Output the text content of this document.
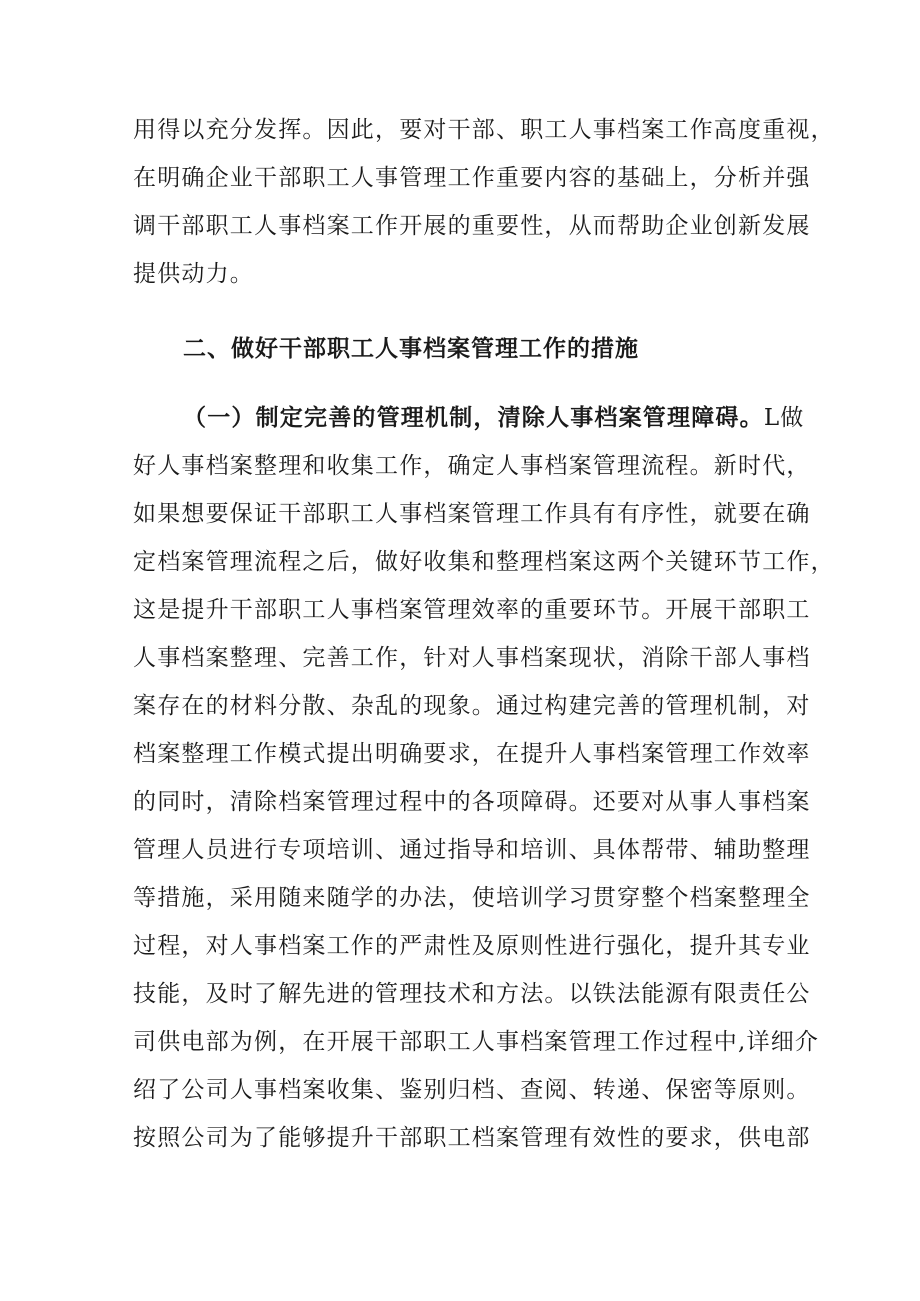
用得以充分发挥。因此，要对干部、职工人事档案工作高度重视，
在明确企业干部职工人事管理工作重要内容的基础上，分析并强
调干部职工人事档案工作开展的重要性，从而帮助企业创新发展
提供动力。
二、做好干部职工人事档案管理工作的措施
（一）制定完善的管理机制，清除人事档案管理障碍。L做
好人事档案整理和收集工作，确定人事档案管理流程。新时代，
如果想要保证干部职工人事档案管理工作具有有序性，就要在确
定档案管理流程之后，做好收集和整理档案这两个关键环节工作，
这是提升干部职工人事档案管理效率的重要环节。开展干部职工
人事档案整理、完善工作，针对人事档案现状，消除干部人事档
案存在的材料分散、杂乱的现象。通过构建完善的管理机制，对
档案整理工作模式提出明确要求，在提升人事档案管理工作效率
的同时，清除档案管理过程中的各项障碍。还要对从事人事档案
管理人员进行专项培训、通过指导和培训、具体帮带、辅助整理
等措施，采用随来随学的办法，使培训学习贯穿整个档案整理全
过程，对人事档案工作的严肃性及原则性进行强化，提升其专业
技能，及时了解先进的管理技术和方法。以铁法能源有限责任公
司供电部为例，在开展干部职工人事档案管理工作过程中,详细介
绍了公司人事档案收集、鉴别归档、查阅、转递、保密等原则。
按照公司为了能够提升干部职工档案管理有效性的要求，供电部
